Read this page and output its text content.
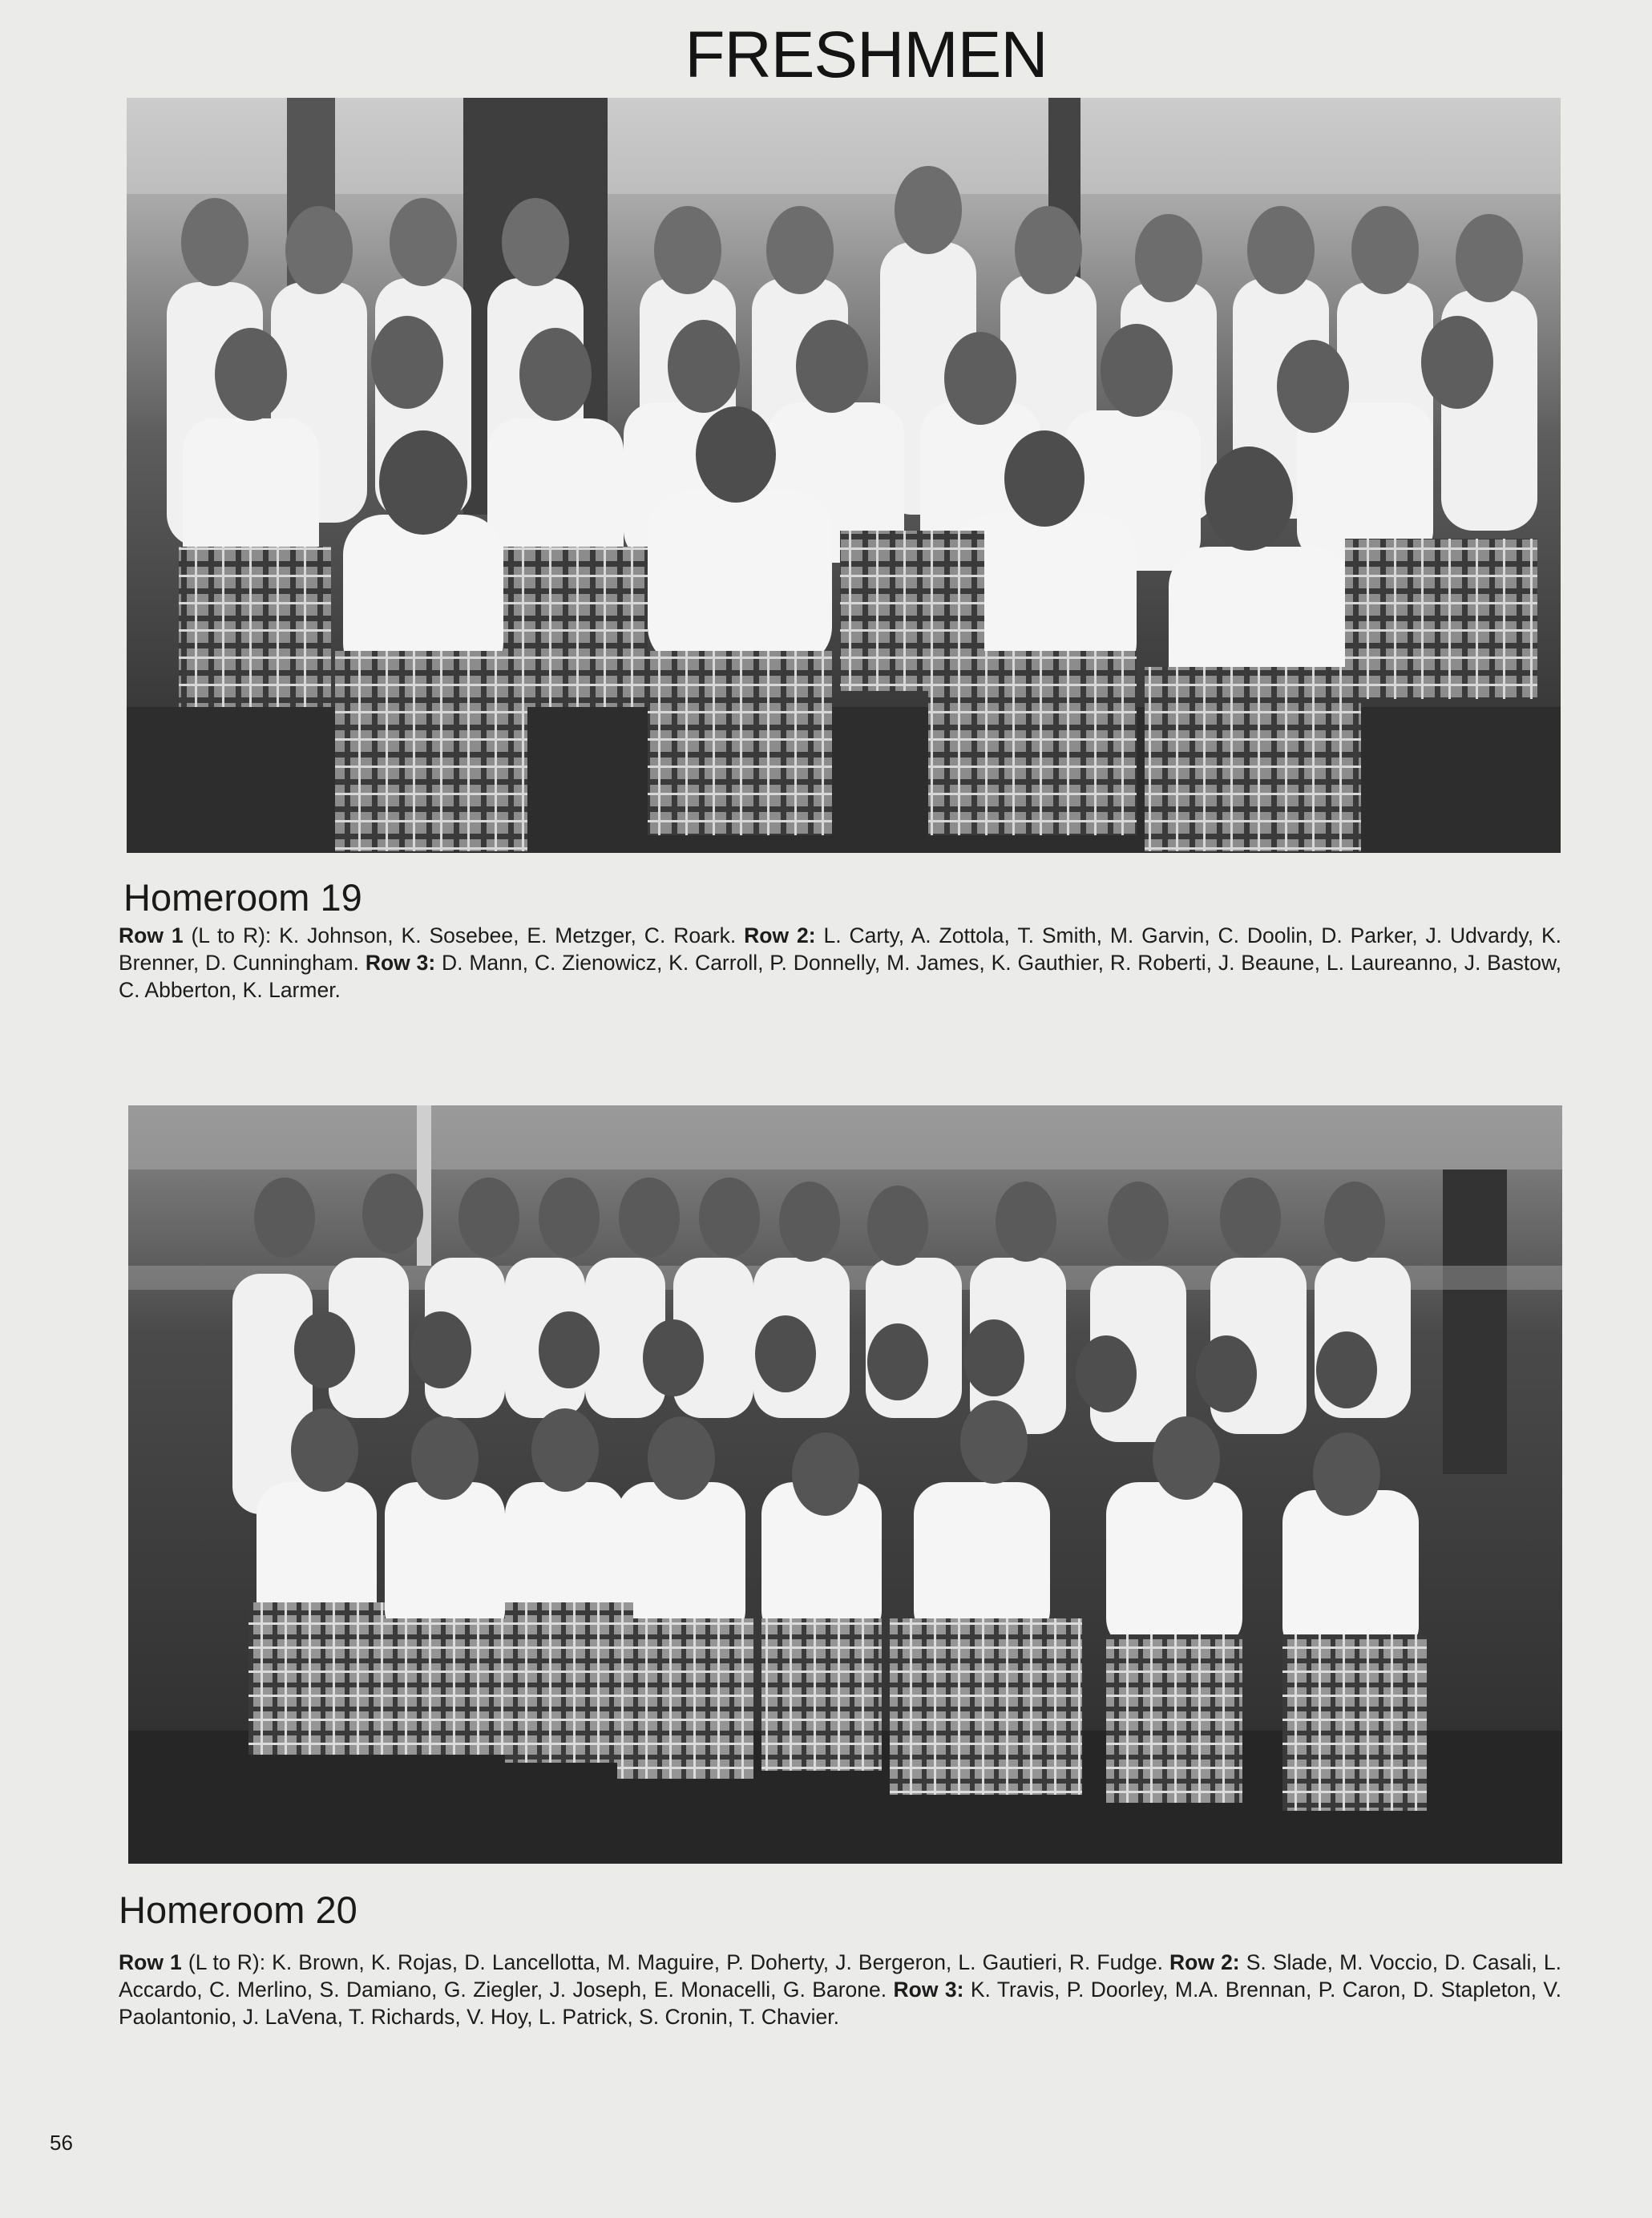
FRESHMEN
Homeroom 19
Row 1 (L to R): K. Johnson, K. Sosebee, E. Metzger, C. Roark. Row 2: L. Carty, A. Zottola, T. Smith, M. Garvin, C. Doolin, D. Parker, J. Udvardy, K. Brenner, D. Cunningham. Row 3: D. Mann, C. Zienowicz, K. Carroll, P. Donnelly, M. James, K. Gauthier, R. Roberti, J. Beaune, L. Laureanno, J. Bastow, C. Abberton, K. Larmer.
Homeroom 20
Row 1 (L to R): K. Brown, K. Rojas, D. Lancellotta, M. Maguire, P. Doherty, J. Bergeron, L. Gautieri, R. Fudge. Row 2: S. Slade, M. Voccio, D. Casali, L. Accardo, C. Merlino, S. Damiano, G. Ziegler, J. Joseph, E. Monacelli, G. Barone. Row 3: K. Travis, P. Doorley, M.A. Brennan, P. Caron, D. Stapleton, V. Paolantonio, J. LaVena, T. Richards, V. Hoy, L. Patrick, S. Cronin, T. Chavier.
56
